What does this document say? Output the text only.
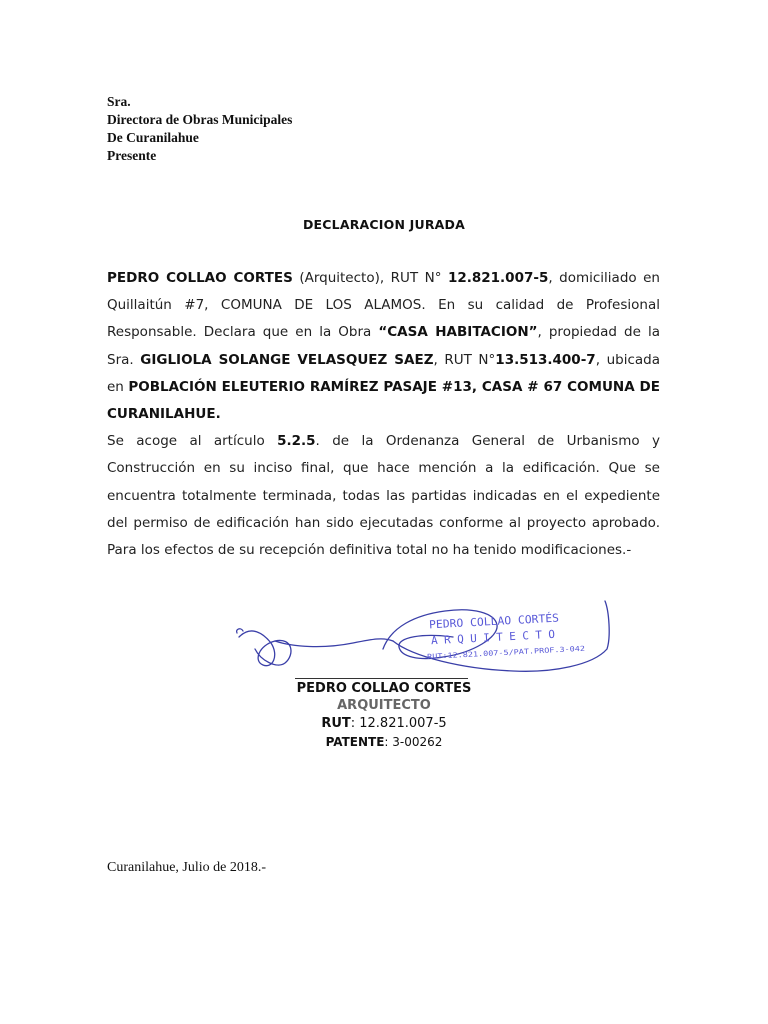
Sra.
Directora de Obras Municipales
De Curanilahue
Presente
DECLARACION JURADA

PEDRO COLLAO CORTES (Arquitecto), RUT N° 12.821.007-5, domiciliado en Quillaitún #7, COMUNA DE LOS ALAMOS. En su calidad de Profesional Responsable. Declara que en la Obra “CASA HABITACION”, propiedad de la Sra. GIGLIOLA SOLANGE VELASQUEZ SAEZ, RUT N°13.513.400-7, ubicada en POBLACIÓN ELEUTERIO RAMÍREZ PASAJE #13, CASA # 67 COMUNA DE CURANILAHUE.

Se acoge al artículo 5.2.5. de la Ordenanza General de Urbanismo y Construcción en su inciso final, que hace mención a la edificación. Que se encuentra totalmente terminada, todas las partidas indicadas en el expediente del permiso de edificación han sido ejecutadas conforme al proyecto aprobado. Para los efectos de su recepción definitiva total no ha tenido modificaciones.-

PEDRO COLLAO CORTÉS
ARQUITECTO
RUT:12.821.007-5/PAT.PROF.3-042
PEDRO COLLAO CORTES
ARQUITECTO
RUT: 12.821.007-5
PATENTE: 3-00262
Curanilahue, Julio de 2018.-
